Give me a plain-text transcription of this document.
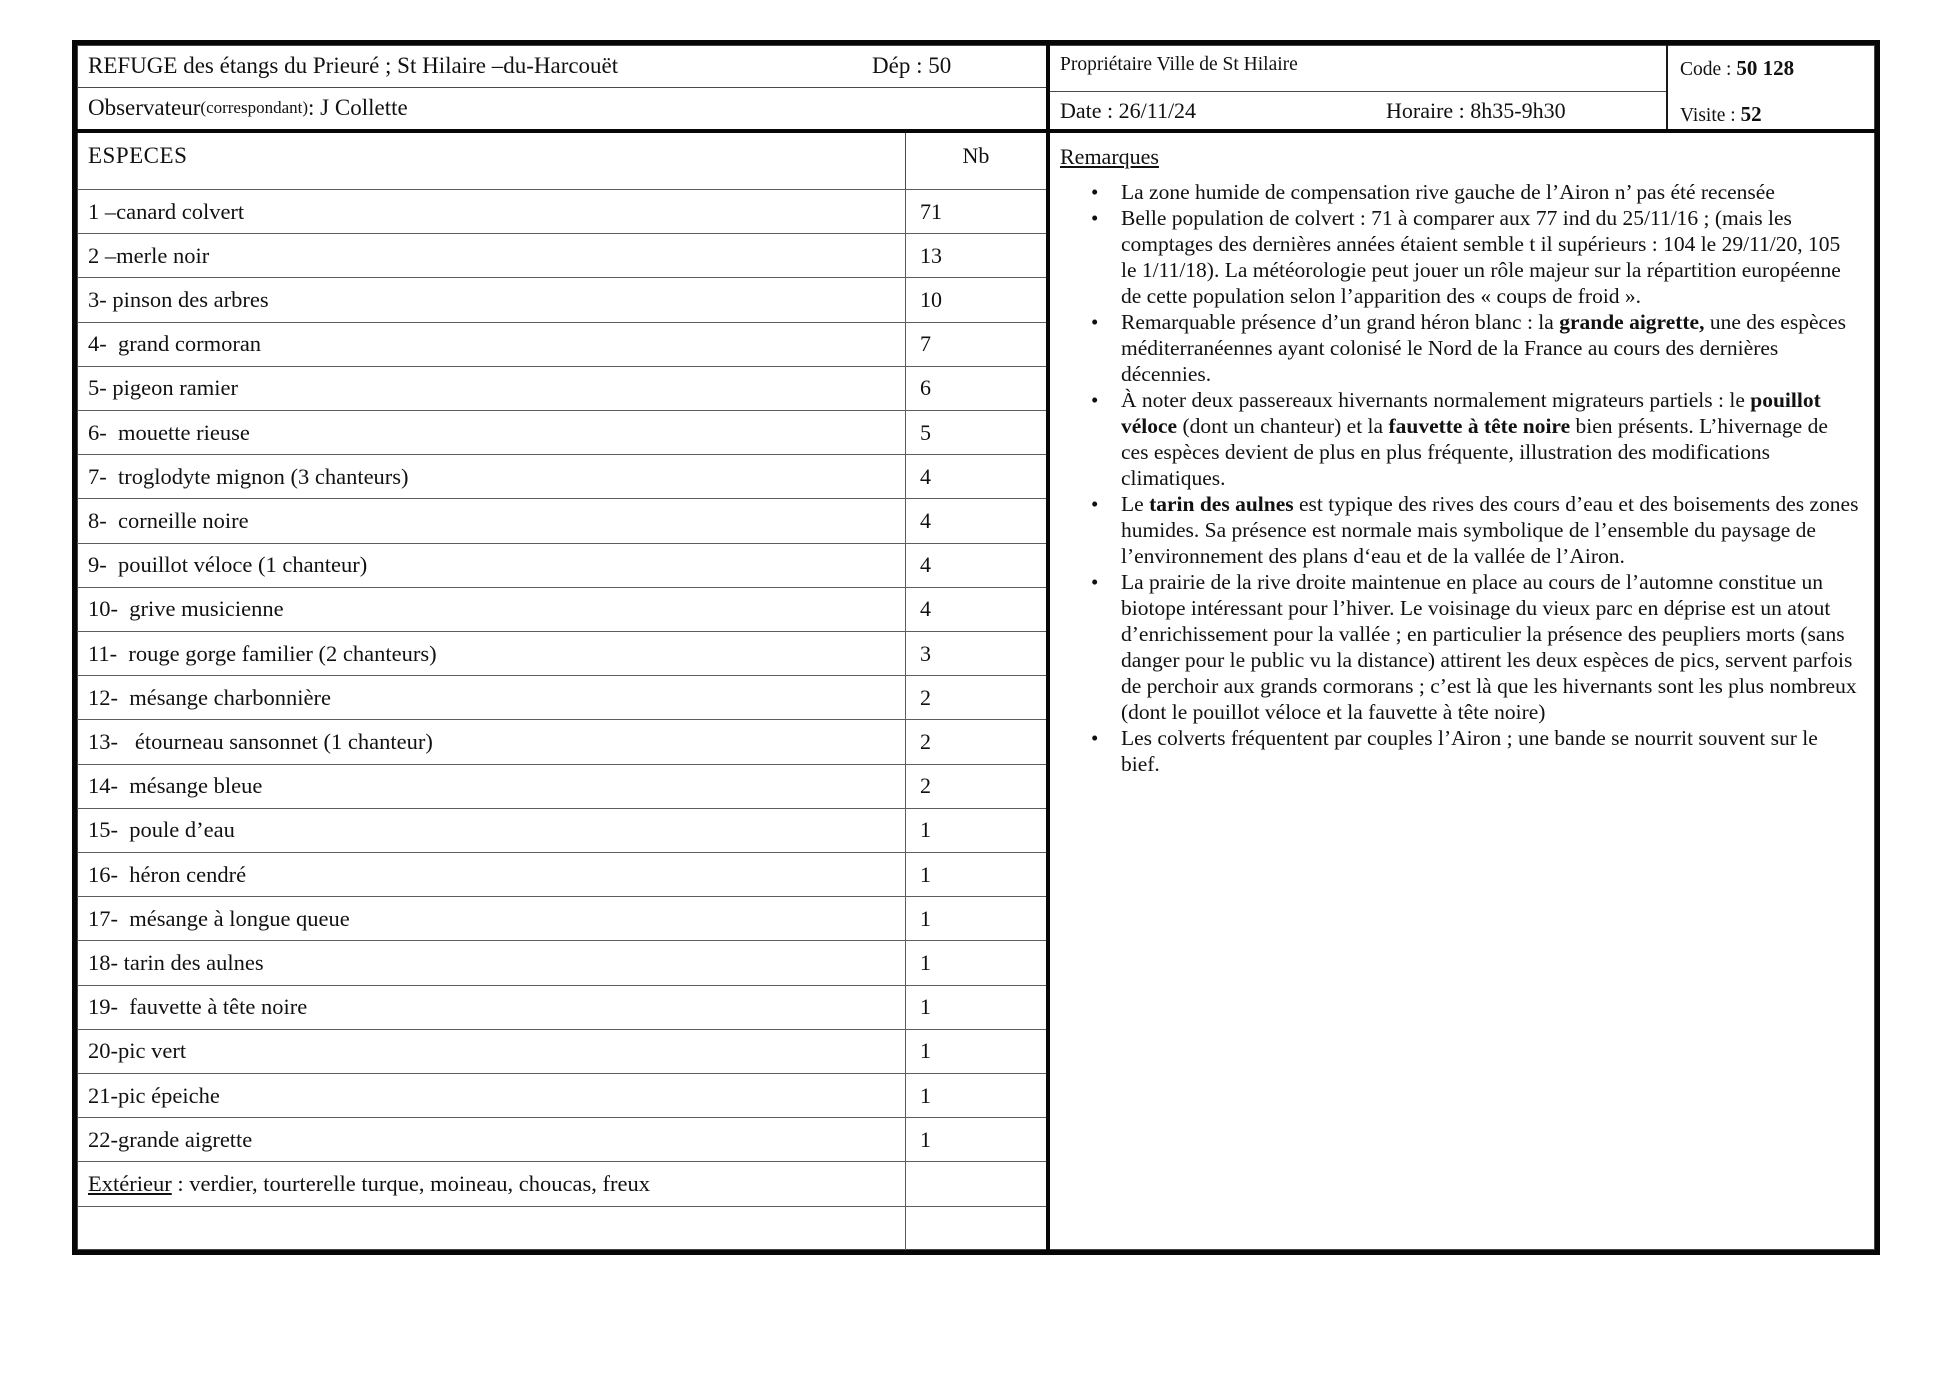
REFUGE des étangs du Prieuré ; St Hilaire –du-Harcouët	Dép : 50
Observateur (correspondant) : J Collette
Propriétaire Ville de St Hilaire
Date : 26/11/24	Horaire : 8h35-9h30
Code : 50 128
Visite : 52
ESPECES	Nb
1 –canard colvert	71
2 –merle noir	13
3- pinson des arbres	10
4-  grand cormoran	7
5- pigeon ramier	6
6-  mouette rieuse	5
7-  troglodyte mignon (3 chanteurs)	4
8-  corneille noire	4
9-  pouillot véloce (1 chanteur)	4
10-  grive musicienne	4
11-  rouge gorge familier (2 chanteurs)	3
12-  mésange charbonnière	2
13-   étourneau sansonnet (1 chanteur)	2
14-  mésange bleue	2
15-  poule d’eau	1
16-  héron cendré	1
17-  mésange à longue queue	1
18- tarin des aulnes	1
19-  fauvette à tête noire	1
20-pic vert	1
21-pic épeiche	1
22-grande aigrette	1
Extérieur : verdier, tourterelle turque, moineau, choucas, freux
Remarques
• La zone humide de compensation rive gauche de l’Airon n’ pas été recensée
• Belle population de colvert : 71 à comparer aux 77 ind du 25/11/16 ; (mais les comptages des dernières années étaient semble t il supérieurs : 104 le 29/11/20, 105 le 1/11/18). La météorologie peut jouer un rôle majeur sur la répartition européenne de cette population selon l’apparition des « coups de froid ».
• Remarquable présence d’un grand héron blanc : la grande aigrette, une des espèces méditerranéennes ayant colonisé le Nord de la France au cours des dernières décennies.
• À noter deux passereaux hivernants normalement migrateurs partiels : le pouillot véloce (dont un chanteur) et la fauvette à tête noire bien présents. L’hivernage de ces espèces devient de plus en plus fréquente, illustration des modifications climatiques.
• Le tarin des aulnes est typique des rives des cours d’eau et des boisements des zones humides. Sa présence est normale mais symbolique de l’ensemble du paysage de l’environnement des plans d‘eau et de la vallée de l’Airon.
• La prairie de la rive droite maintenue en place au cours de l’automne constitue un biotope intéressant pour l’hiver. Le voisinage du vieux parc en déprise est un atout d’enrichissement pour la vallée ; en particulier la présence des peupliers morts (sans danger pour le public vu la distance) attirent les deux espèces de pics, servent parfois de perchoir aux grands cormorans ; c’est là que les hivernants sont les plus nombreux (dont le pouillot véloce et la fauvette à tête noire)
• Les colverts fréquentent par couples l’Airon ; une bande se nourrit souvent sur le bief.
